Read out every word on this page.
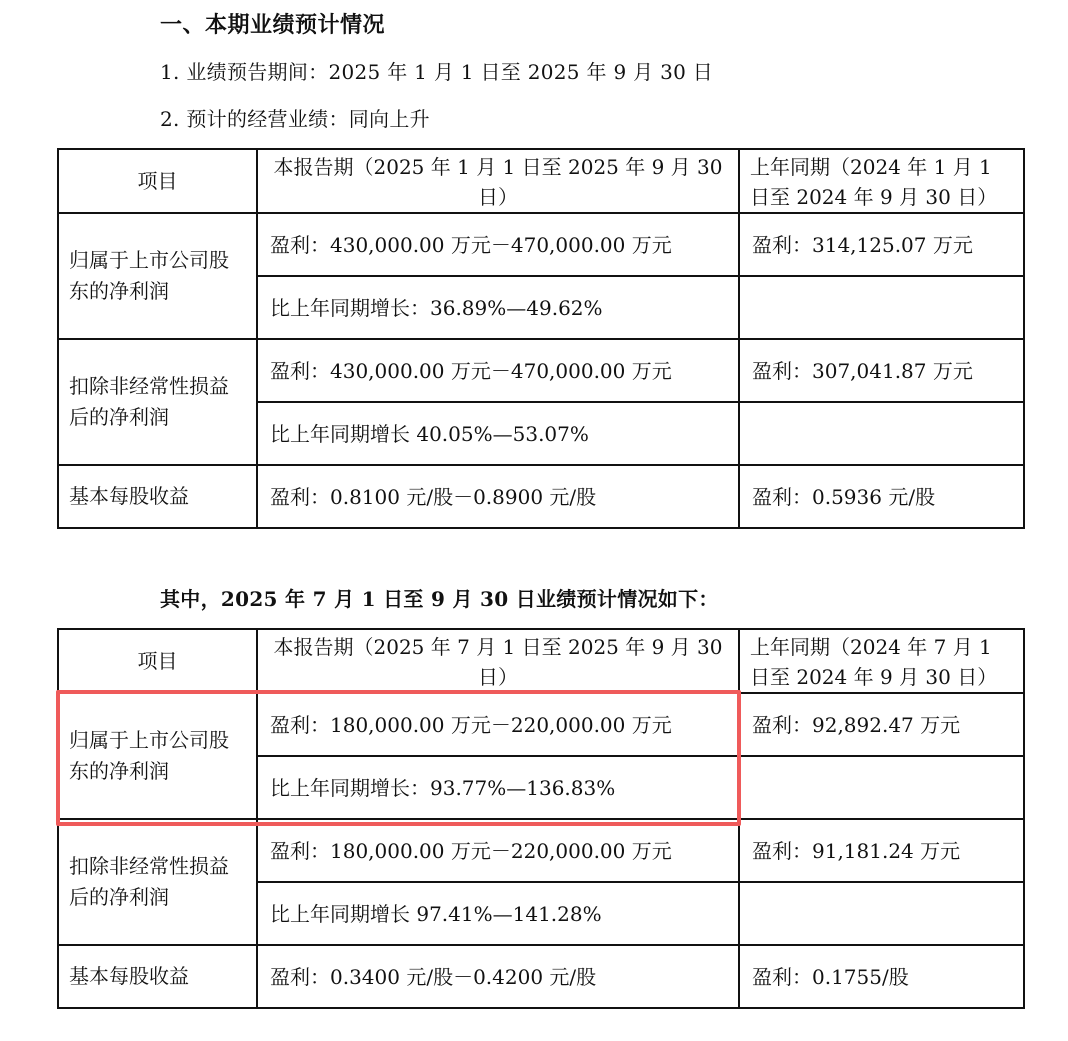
一、本期业绩预计情况
1. 业绩预告期间：2025 年 1 月 1 日至 2025 年 9 月 30 日
2. 预计的经营业绩：同向上升
项目	本报告期（2025 年 1 月 1 日至 2025 年 9 月 30 日）	上年同期（2024 年 1 月 1 日至 2024 年 9 月 30 日）
归属于上市公司股东的净利润	盈利：430,000.00 万元－470,000.00 万元	盈利：314,125.07 万元
	比上年同期增长：36.89%—49.62%	
扣除非经常性损益后的净利润	盈利：430,000.00 万元－470,000.00 万元	盈利：307,041.87 万元
	比上年同期增长 40.05%—53.07%	
基本每股收益	盈利：0.8100 元/股－0.8900 元/股	盈利：0.5936 元/股
其中，2025 年 7 月 1 日至 9 月 30 日业绩预计情况如下：
项目	本报告期（2025 年 7 月 1 日至 2025 年 9 月 30 日）	上年同期（2024 年 7 月 1 日至 2024 年 9 月 30 日）
归属于上市公司股东的净利润	盈利：180,000.00 万元－220,000.00 万元	盈利：92,892.47 万元
	比上年同期增长：93.77%—136.83%	
扣除非经常性损益后的净利润	盈利：180,000.00 万元－220,000.00 万元	盈利：91,181.24 万元
	比上年同期增长 97.41%—141.28%	
基本每股收益	盈利：0.3400 元/股－0.4200 元/股	盈利：0.1755/股
